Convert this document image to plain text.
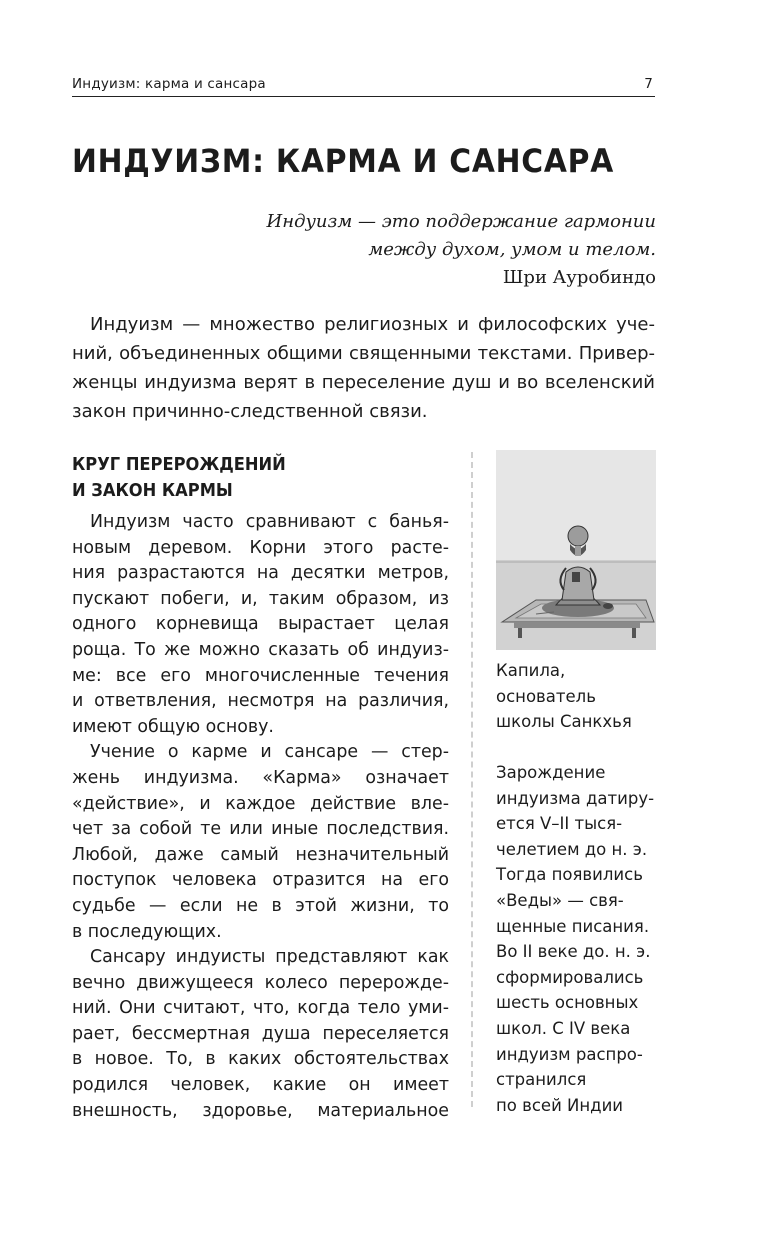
Индуизм: карма и сансара	7
ИНДУИЗМ: КАРМА И САНСАРА
Индуизм — это поддержание гармонии
между духом, умом и телом.
Шри Ауробиндо

Индуизм — множество религиозных и философских уче-
ний, объединенных общими священными текстами. Привер-
женцы индуизма верят в переселение душ и во вселенский
закон причинно-следственной связи.

КРУГ ПЕРЕРОЖДЕНИЙ
И ЗАКОН КАРМЫ
Индуизм часто сравнивают с банья-
новым деревом. Корни этого расте-
ния разрастаются на десятки метров,
пускают побеги, и, таким образом, из
одного корневища вырастает целая
роща. То же можно сказать об индуиз-
ме: все его многочисленные течения
и ответвления, несмотря на различия,
имеют общую основу.
Учение о карме и сансаре — стер-
жень индуизма. «Карма» означает
«действие», и каждое действие вле-
чет за собой те или иные последствия.
Любой, даже самый незначительный
поступок человека отразится на его
судьбе — если не в этой жизни, то
в последующих.
Сансару индуисты представляют как
вечно движущееся колесо перерожде-
ний. Они считают, что, когда тело уми-
рает, бессмертная душа переселяется
в новое. То, в каких обстоятельствах
родился человек, какие он имеет
внешность, здоровье, материальное
Капила,
основатель
школы Санкхья
Зарождение
индуизма датиру-
ется V–II тыся-
челетием до н. э.
Тогда появились
«Веды» — свя-
щенные писания.
Во II веке до. н. э.
сформировались
шесть основных
школ. С IV века
индуизм распро-
странился
по всей Индии
